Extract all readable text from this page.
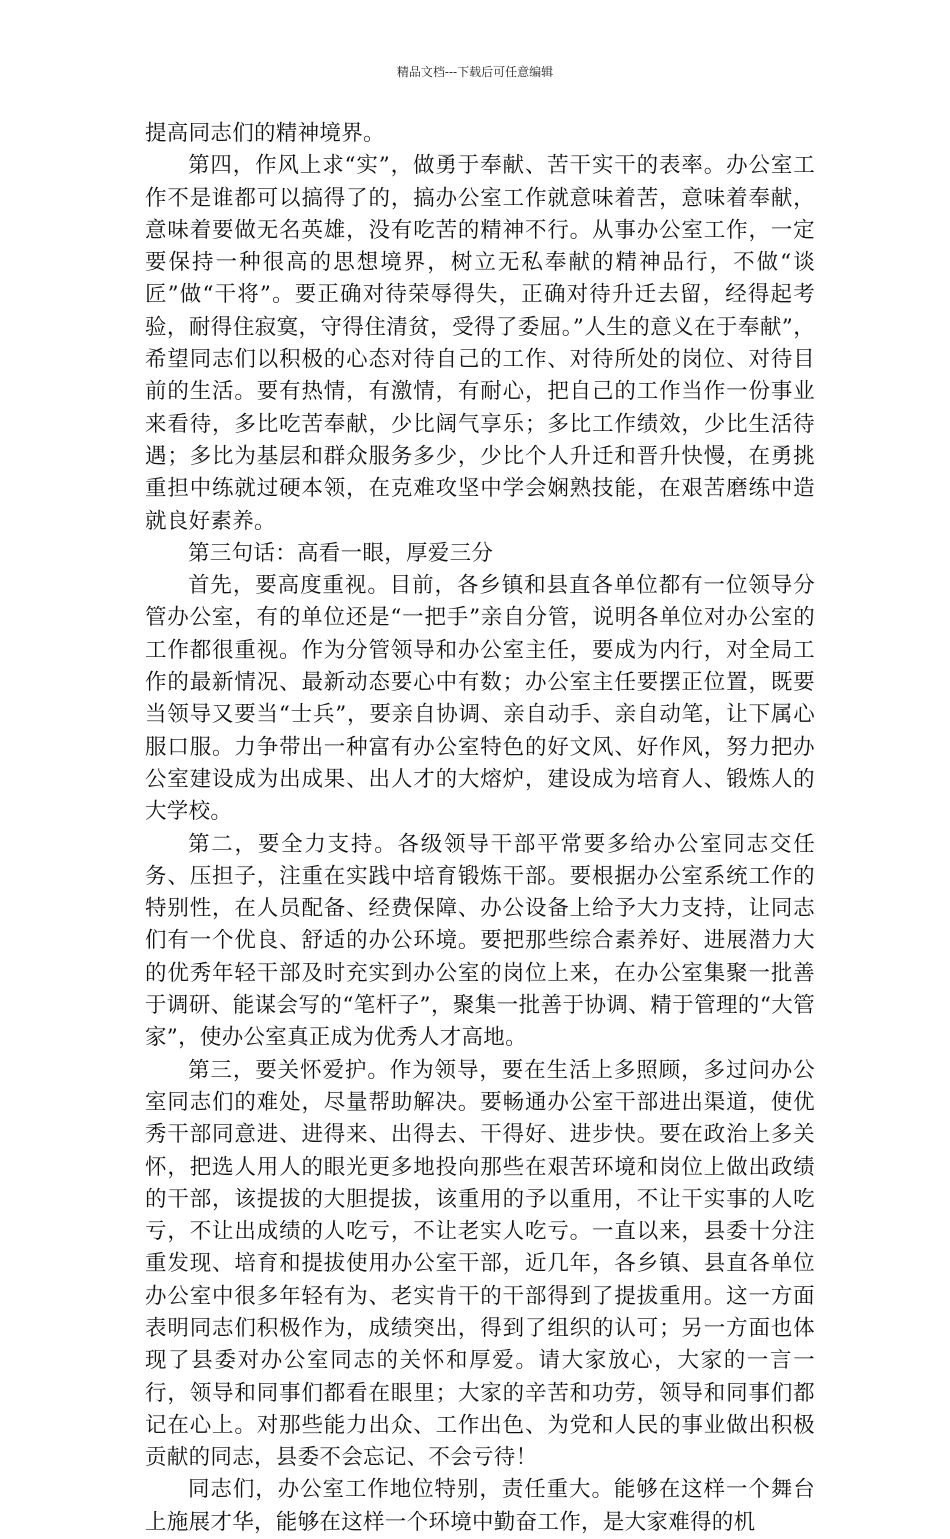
精品文档---下载后可任意编辑

提高同志们的精神境界。

第四，作风上求“实”，做勇于奉献、苦干实干的表率。办公室工作不是谁都可以搞得了的，搞办公室工作就意味着苦，意味着奉献，意味着要做无名英雄，没有吃苦的精神不行。从事办公室工作，一定要保持一种很高的思想境界，树立无私奉献的精神品行，不做“谈匠”做“干将”。要正确对待荣辱得失，正确对待升迁去留，经得起考验，耐得住寂寞，守得住清贫，受得了委屈。”人生的意义在于奉献”，希望同志们以积极的心态对待自己的工作、对待所处的岗位、对待目前的生活。要有热情，有激情，有耐心，把自己的工作当作一份事业来看待，多比吃苦奉献，少比阔气享乐；多比工作绩效，少比生活待遇；多比为基层和群众服务多少，少比个人升迁和晋升快慢，在勇挑重担中练就过硬本领，在克难攻坚中学会娴熟技能，在艰苦磨练中造就良好素养。

第三句话：高看一眼，厚爱三分

首先，要高度重视。目前，各乡镇和县直各单位都有一位领导分管办公室，有的单位还是“一把手”亲自分管，说明各单位对办公室的工作都很重视。作为分管领导和办公室主任，要成为内行，对全局工作的最新情况、最新动态要心中有数；办公室主任要摆正位置，既要当领导又要当“士兵”，要亲自协调、亲自动手、亲自动笔，让下属心服口服。力争带出一种富有办公室特色的好文风、好作风，努力把办公室建设成为出成果、出人才的大熔炉，建设成为培育人、锻炼人的大学校。

第二，要全力支持。各级领导干部平常要多给办公室同志交任务、压担子，注重在实践中培育锻炼干部。要根据办公室系统工作的特别性，在人员配备、经费保障、办公设备上给予大力支持，让同志们有一个优良、舒适的办公环境。要把那些综合素养好、进展潜力大的优秀年轻干部及时充实到办公室的岗位上来，在办公室集聚一批善于调研、能谋会写的“笔杆子”，聚集一批善于协调、精于管理的“大管家”，使办公室真正成为优秀人才高地。

第三，要关怀爱护。作为领导，要在生活上多照顾，多过问办公室同志们的难处，尽量帮助解决。要畅通办公室干部进出渠道，使优秀干部同意进、进得来、出得去、干得好、进步快。要在政治上多关怀，把选人用人的眼光更多地投向那些在艰苦环境和岗位上做出政绩的干部，该提拔的大胆提拔，该重用的予以重用，不让干实事的人吃亏，不让出成绩的人吃亏，不让老实人吃亏。一直以来，县委十分注重发现、培育和提拔使用办公室干部，近几年，各乡镇、县直各单位办公室中很多年轻有为、老实肯干的干部得到了提拔重用。这一方面表明同志们积极作为，成绩突出，得到了组织的认可；另一方面也体现了县委对办公室同志的关怀和厚爱。请大家放心，大家的一言一行，领导和同事们都看在眼里；大家的辛苦和功劳，领导和同事们都记在心上。对那些能力出众、工作出色、为党和人民的事业做出积极贡献的同志，县委不会忘记、不会亏待！

同志们，办公室工作地位特别，责任重大。能够在这样一个舞台上施展才华，能够在这样一个环境中勤奋工作，是大家难得的机
